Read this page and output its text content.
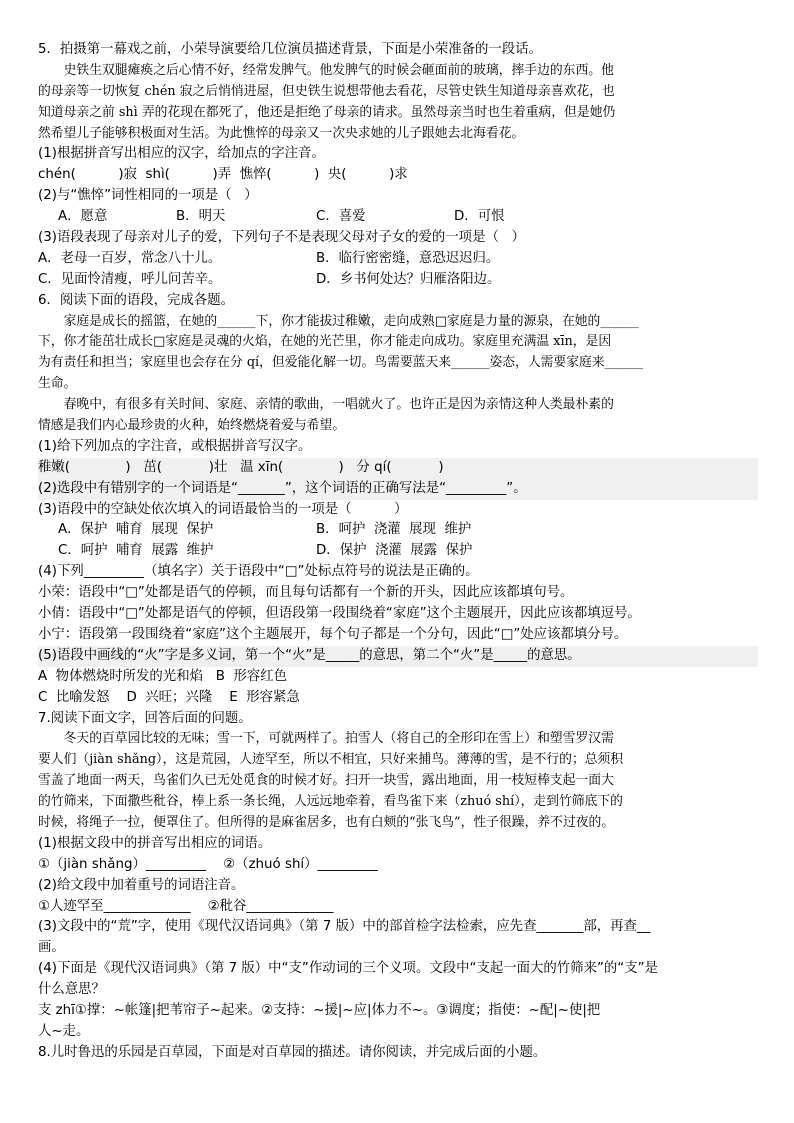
5．拍摄第一幕戏之前，小荣导演要给几位演员描述背景，下面是小荣准备的一段话。
史铁生双腿瘫痪之后心情不好，经常发脾气。他发脾气的时候会砸面前的玻璃，摔手边的东西。他
的母亲等一切恢复 chén 寂之后悄悄进屋，但史铁生说想带他去看花，尽管史铁生知道母亲喜欢花，也
知道母亲之前 shì 弄的花现在都死了，他还是拒绝了母亲的请求。虽然母亲当时也生着重病，但是她仍
然希望儿子能够积极面对生活。为此憔悴的母亲又一次央求她的儿子跟她去北海看花。
(1)根据拼音写出相应的汉字，给加点的字注音。
chén(          )寂  shì(          )弄  憔悴(          )  央(          )求
(2)与“憔悴”词性相同的一项是（   ）
A．愿意	B．明天	C．喜爱	D．可恨
(3)语段表现了母亲对儿子的爱，下列句子不是表现父母对子女的爱的一项是（   ）
A．老母一百岁，常念八十儿。	B．临行密密缝，意恐迟迟归。
C．见面怜清瘦，呼儿问苦辛。	D．乡书何处达？归雁洛阳边。
6．阅读下面的语段，完成各题。
家庭是成长的摇篮，在她的______下，你才能拔过稚嫩，走向成熟□家庭是力量的源泉，在她的______
下，你才能茁壮成长□家庭是灵魂的火焰，在她的光芒里，你才能走向成功。家庭里充满温 xīn，是因
为有责任和担当；家庭里也会存在分 qí，但爱能化解一切。鸟需要蓝天来______姿态，人需要家庭来______
生命。
春晚中，有很多有关时间、家庭、亲情的歌曲，一唱就火了。也许正是因为亲情这种人类最朴素的
情感是我们内心最珍贵的火种，始终燃烧着爱与希望。
(1)给下列加点的字注音，或根据拼音写汉字。
稚嫩(             )   茁(           )壮   温 xīn(             )   分 qí(           )
(2)选段中有错别字的一个词语是“_______”，这个词语的正确写法是“_________”。
(3)语段中的空缺处依次填入的词语最恰当的一项是（          ）
A．保护  哺育  展现  保护	B．呵护  浇灌  展现  维护
C．呵护  哺育  展露  维护	D．保护  浇灌  展露  保护
(4)下列_________（填名字）关于语段中“□”处标点符号的说法是正确的。
小荣：语段中“□”处都是语气的停顿，而且每句话都有一个新的开头，因此应该都填句号。
小倩：语段中“□”处都是语气的停顿，但语段第一段围绕着“家庭”这个主题展开，因此应该都填逗号。
小宁：语段第一段围绕着“家庭”这个主题展开，每个句子都是一个分句，因此“□”处应该都填分号。
(5)语段中画线的“火”字是多义词，第一个“火”是_____的意思，第二个“火”是_____的意思。
A  物体燃烧时所发的光和焰   B  形容红色
C  比喻发怒    D  兴旺；兴隆    E  形容紧急
7.阅读下面文字，回答后面的问题。
冬天的百草园比较的无味；雪一下，可就两样了。拍雪人（将自己的全形印在雪上）和塑雪罗汉需
要人们（jiàn shǎng），这是荒园，人迹罕至，所以不相宜，只好来捕鸟。薄薄的雪，是不行的；总须积
雪盖了地面一两天，鸟雀们久已无处觅食的时候才好。扫开一块雪，露出地面，用一枝短棒支起一面大
的竹筛来，下面撒些秕谷，棒上系一条长绳，人远远地牵着，看鸟雀下来（zhuó shí），走到竹筛底下的
时候，将绳子一拉，便罩住了。但所得的是麻雀居多，也有白颊的“张飞鸟”，性子很躁，养不过夜的。
(1)根据文段中的拼音写出相应的词语。
①（jiàn shǎng）_________    ②（zhuó shí）_________
(2)给文段中加着重号的词语注音。
①人迹罕至_____________    ②秕谷_____________
(3)文段中的“荒”字，使用《现代汉语词典》（第 7 版）中的部首检字法检索，应先查_______部，再查__
画。
(4)下面是《现代汉语词典》（第 7 版）中“支”作动词的三个义项。文段中“支起一面大的竹筛来”的“支”是
什么意思？
支 zhī①撑：~帐篷|把苇帘子~起来。②支持：~援|~应|体力不~。③调度；指使：~配|~使|把
人~走。
8.儿时鲁迅的乐园是百草园，下面是对百草园的描述。请你阅读，并完成后面的小题。
